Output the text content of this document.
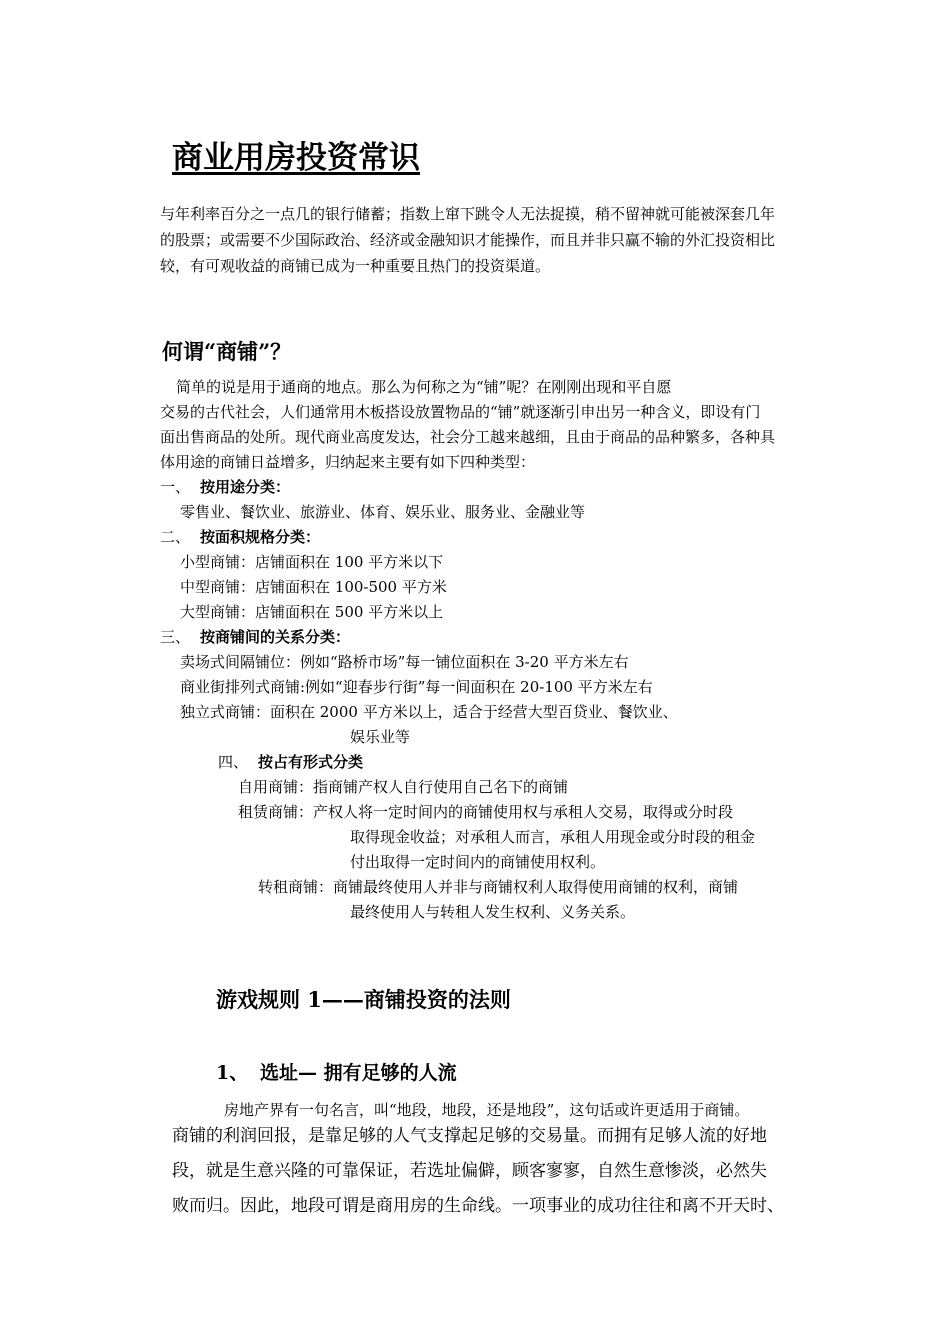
商业用房投资常识
与年利率百分之一点几的银行储蓄；指数上窜下跳令人无法捉摸，稍不留神就可能被深套几年
的股票；或需要不少国际政治、经济或金融知识才能操作，而且并非只赢不输的外汇投资相比
较，有可观收益的商铺已成为一种重要且热门的投资渠道。
何谓“商铺”？
简单的说是用于通商的地点。那么为何称之为“铺”呢？在刚刚出现和平自愿
交易的古代社会，人们通常用木板搭设放置物品的“铺”就逐渐引申出另一种含义，即设有门
面出售商品的处所。现代商业高度发达，社会分工越来越细，且由于商品的品种繁多，各种具
体用途的商铺日益增多，归纳起来主要有如下四种类型：
一、 按用途分类：
零售业、餐饮业、旅游业、体育、娱乐业、服务业、金融业等
二、 按面积规格分类：
小型商铺：店铺面积在 100 平方米以下
中型商铺：店铺面积在 100-500 平方米
大型商铺：店铺面积在 500 平方米以上
三、 按商铺间的关系分类：
卖场式间隔铺位：例如“路桥市场”每一铺位面积在 3-20 平方米左右
商业街排列式商铺:例如“迎春步行街”每一间面积在 20-100 平方米左右
独立式商铺：面积在 2000 平方米以上，适合于经营大型百贷业、餐饮业、
娱乐业等
四、 按占有形式分类
自用商铺：指商铺产权人自行使用自己名下的商铺
租赁商铺：产权人将一定时间内的商铺使用权与承租人交易，取得或分时段
取得现金收益；对承租人而言，承租人用现金或分时段的租金
付出取得一定时间内的商铺使用权利。
转租商铺：商铺最终使用人并非与商铺权利人取得使用商铺的权利，商铺
最终使用人与转租人发生权利、义务关系。
游戏规则 1——商铺投资的法则
1、 选址— 拥有足够的人流
房地产界有一句名言，叫“地段，地段，还是地段”，这句话或许更适用于商铺。
商铺的利润回报，是靠足够的人气支撑起足够的交易量。而拥有足够人流的好地
段，就是生意兴隆的可靠保证，若选址偏僻，顾客寥寥，自然生意惨淡，必然失
败而归。因此，地段可谓是商用房的生命线。一项事业的成功往往和离不开天时、
